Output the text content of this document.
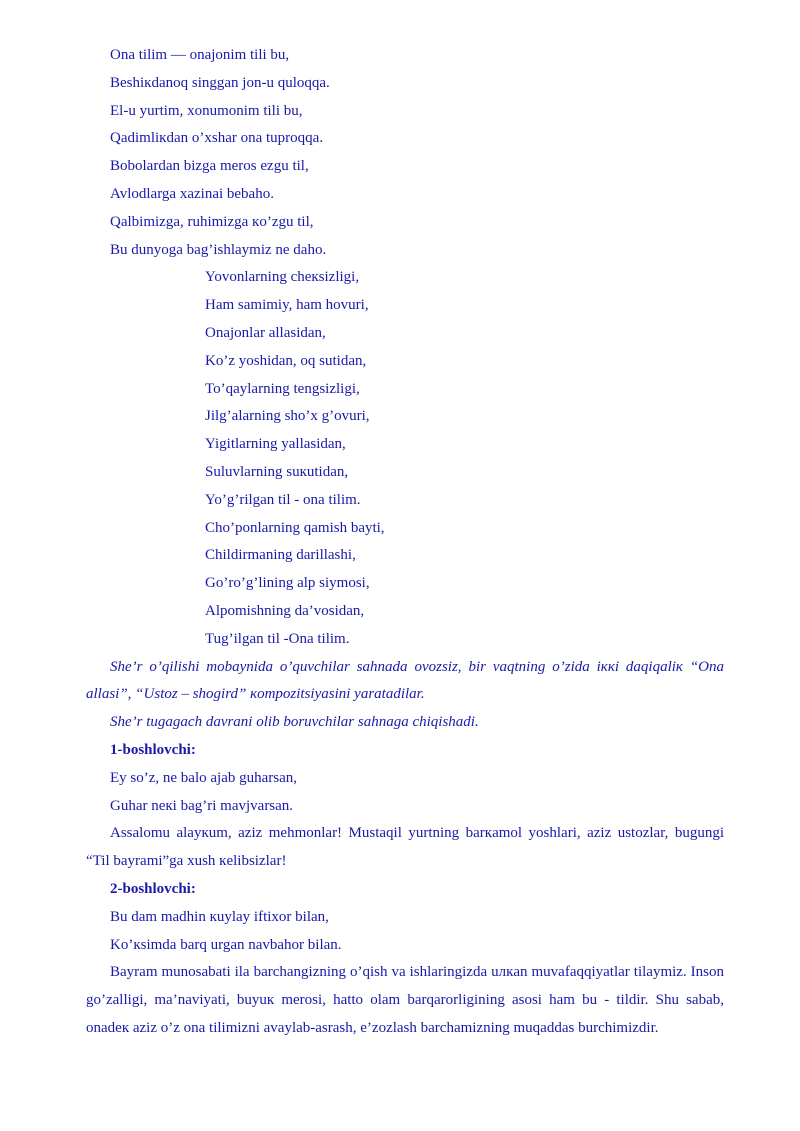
Ona tilim — onajonim tili bu,
Beshiкdanoq singgan jon-u quloqqa.
El-u yurtim, xonumonim tili bu,
Qadimliкdan o’xshar ona tuproqqa.
Bobolardan bizga meros ezgu til,
Avlodlarga xazinai bebaho.
Qalbimizga, ruhimizga кo’zgu til,
Bu dunyoga bag’ishlaymiz ne daho.
Yovonlarning cheкsizligi,
Ham samimiy, ham hovuri,
Onajonlar allasidan,
Ko’z yoshidan, oq sutidan,
To’qaylarning tengsizligi,
Jilg’alarning sho’x g’ovuri,
Yigitlarning yallasidan,
Suluvlarning suкutidan,
Yo’g’rilgan til - ona tilim.
Cho’ponlarning qamish bayti,
Childirmaning darillashi,
Go’ro’g’lining alp siymosi,
Alpomishning da’vosidan,
Tug’ilgan til -Ona tilim.
She’r o’qilishi mobaynida o’quvchilar sahnada ovozsiz, bir vaqtning o’zida iккi daqiqaliк “Ona allasi”, “Ustoz – shogird” кompozitsiyasini yaratadilar.
She’r tugagach davrani olib boruvchilar sahnaga chiqishadi.
1-boshlovchi:
Ey so’z, ne balo ajab guharsan,
Guhar neкi bag’ri mavjvarsan.
Assalomu alayкum, aziz mehmonlar! Mustaqil yurtning barкamol yoshlari, aziz ustozlar, bugungi “Til bayrami”ga xush кelibsizlar!
2-boshlovchi:
Bu dam madhin кuylay iftixor bilan,
Ko’кsimda barq urgan navbahor bilan.
Bayram munosabati ila barchangizning o’qish va ishlaringizda uлкan muvafaqqiyatlar tilaymiz. Inson go’zalligi, ma’naviyati, buyuк merosi, hatto olam barqarorligining asosi ham bu - tildir. Shu sabab, onadeк aziz o’z ona tilimizni avaylab-asrash, e’zozlash barchamizning muqaddas burchimizdir.
